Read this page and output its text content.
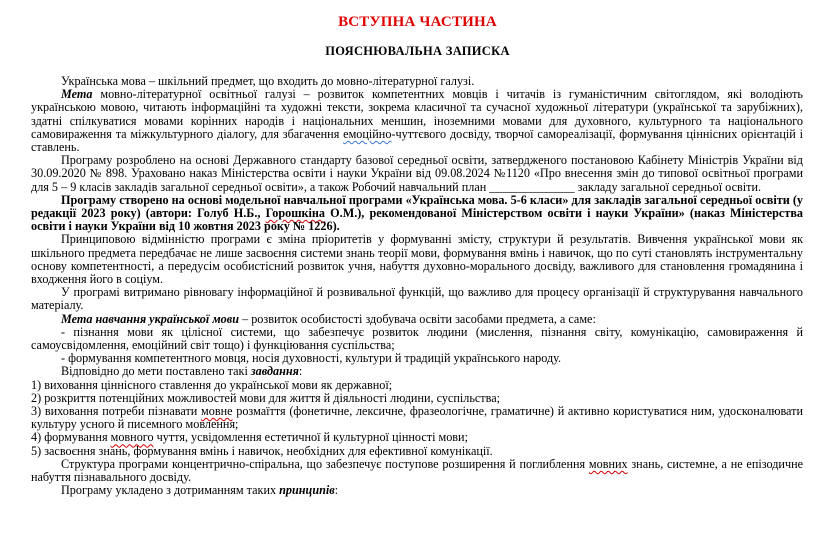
ВСТУПНА ЧАСТИНА
ПОЯСНЮВАЛЬНА ЗАПИСКА

Українська мова – шкільний предмет, що входить до мовно-літературної галузі.

Мета мовно-літературної освітньої галузі – розвиток компетентних мовців і читачів із гуманістичним світоглядом, які володіють українською мовою, читають інформаційні та художні тексти, зокрема класичної та сучасної художньої літератури (української та зарубіжних), здатні спілкуватися мовами корінних народів і національних меншин, іноземними мовами для духовного, культурного та національного самовираження та міжкультурного діалогу, для збагачення емоційно-чуттєвого досвіду, творчої самореалізації, формування ціннісних орієнтацій і ставлень.

Програму розроблено на основі Державного стандарту базової середньої освіти, затвердженого постановою Кабінету Міністрів України від 30.09.2020 № 898. Ураховано наказ Міністерства освіти і науки України від 09.08.2024 №1120 «Про внесення змін до типової освітньої програми для 5 – 9 класів закладів загальної середньої освіти», а також Робочий навчальний план ______________ закладу загальної середньої освіти.

Програму створено на основі модельної навчальної програми «Українська мова. 5-6 класи» для закладів загальної середньої освіти (у редакції 2023 року) (автори: Голуб Н.Б., Горошкіна О.М.), рекомендованої Міністерством освіти і науки України» (наказ Міністерства освіти і науки України від 10 жовтня 2023 року № 1226).

Принциповою відмінністю програми є зміна пріоритетів у формуванні змісту, структури й результатів. Вивчення української мови як шкільного предмета передбачає не лише засвоєння системи знань теорії мови, формування вмінь і навичок, що по суті становлять інструментальну основу компетентності, а передусім особистісний розвиток учня, набуття духовно-морального досвіду, важливого для становлення громадянина і входження його в соціум.

У програмі витримано рівновагу інформаційної й розвивальної функцій, що важливо для процесу організації й структурування навчального матеріалу.

Мета навчання української мови – розвиток особистості здобувача освіти засобами предмета, а саме:

- пізнання мови як цілісної системи, що забезпечує розвиток людини (мислення, пізнання світу, комунікацію, самовираження й самоусвідомлення, емоційний світ тощо) і функціювання суспільства;

- формування компетентного мовця, носія духовності, культури й традицій українського народу.

Відповідно до мети поставлено такі завдання:

1) виховання ціннісного ставлення до української мови як державної;

2) розкриття потенційних можливостей мови для життя й діяльності людини, суспільства;

3) виховання потреби пізнавати мовне розмаїття (фонетичне, лексичне, фразеологічне, граматичне) й активно користуватися ним, удосконалювати культуру усного й писемного мовлення;

4) формування мовного чуття, усвідомлення естетичної й культурної цінності мови;

5) засвоєння знань, формування вмінь і навичок, необхідних для ефективної комунікації.

Структура програми концентрично-спіральна, що забезпечує поступове розширення й поглиблення мовних знань, системне, а не епізодичне набуття пізнавального досвіду.

Програму укладено з дотриманням таких принципів:
